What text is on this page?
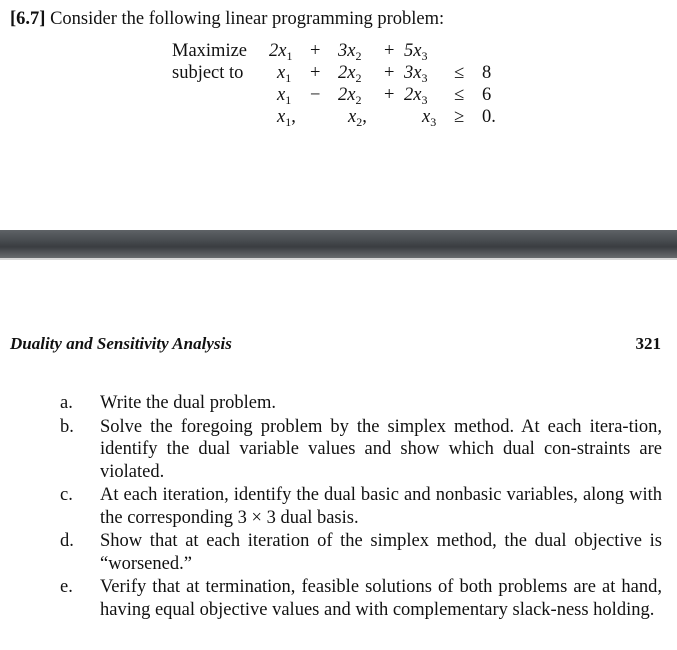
[6.7] Consider the following linear programming problem:
Maximize $2x_1 + 3x_2 + 5x_3$
subject to $x_1 + 2x_2 + 3x_3 \le 8$
$x_1 - 2x_2 + 2x_3 \le 6$
$x_1$,	$x_2$,	$x_3 \ge 0$.
Duality and Sensitivity Analysis	321
a.	Write the dual problem.
b.	Solve the foregoing problem by the simplex method. At each itera-tion, identify the dual variable values and show which dual con-straints are violated.
c.	At each iteration, identify the dual basic and nonbasic variables, along with the corresponding 3 × 3 dual basis.
d.	Show that at each iteration of the simplex method, the dual objective is “worsened.”
e.	Verify that at termination, feasible solutions of both problems are at hand, having equal objective values and with complementary slack-ness holding.
